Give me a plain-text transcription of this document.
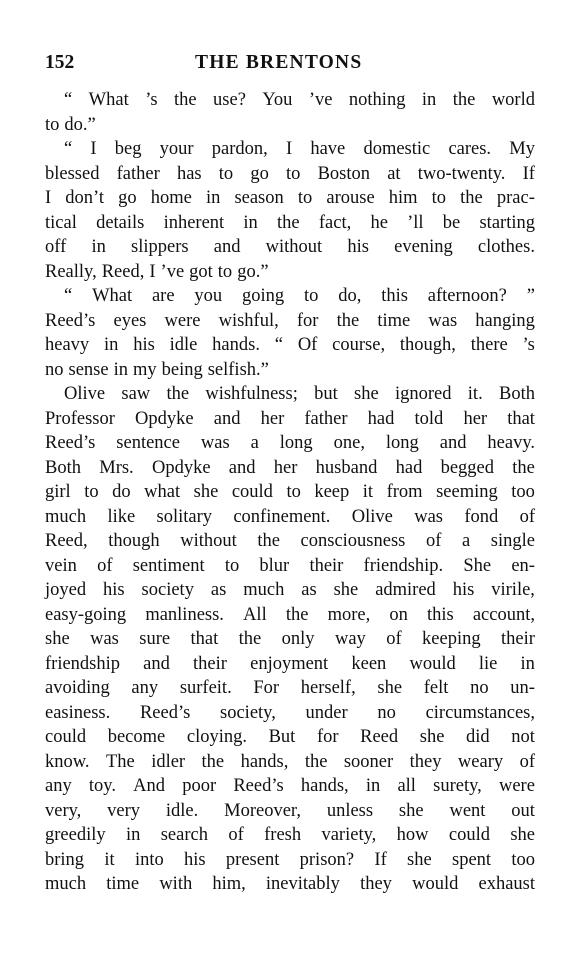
152	THE BRENTONS
“ What ’s the use? You ’ve nothing in the world
to do.”
“ I beg your pardon, I have domestic cares. My
blessed father has to go to Boston at two-twenty. If
I don’t go home in season to arouse him to the prac-
tical details inherent in the fact, he ’ll be starting
off in slippers and without his evening clothes.
Really, Reed, I ’ve got to go.”
“ What are you going to do, this afternoon? ”
Reed’s eyes were wishful, for the time was hanging
heavy in his idle hands. “ Of course, though, there ’s
no sense in my being selfish.”
Olive saw the wishfulness; but she ignored it. Both
Professor Opdyke and her father had told her that
Reed’s sentence was a long one, long and heavy.
Both Mrs. Opdyke and her husband had begged the
girl to do what she could to keep it from seeming too
much like solitary confinement. Olive was fond of
Reed, though without the consciousness of a single
vein of sentiment to blur their friendship. She en-
joyed his society as much as she admired his virile,
easy-going manliness. All the more, on this account,
she was sure that the only way of keeping their
friendship and their enjoyment keen would lie in
avoiding any surfeit. For herself, she felt no un-
easiness. Reed’s society, under no circumstances,
could become cloying. But for Reed she did not
know. The idler the hands, the sooner they weary of
any toy. And poor Reed’s hands, in all surety, were
very, very idle. Moreover, unless she went out
greedily in search of fresh variety, how could she
bring it into his present prison? If she spent too
much time with him, inevitably they would exhaust
